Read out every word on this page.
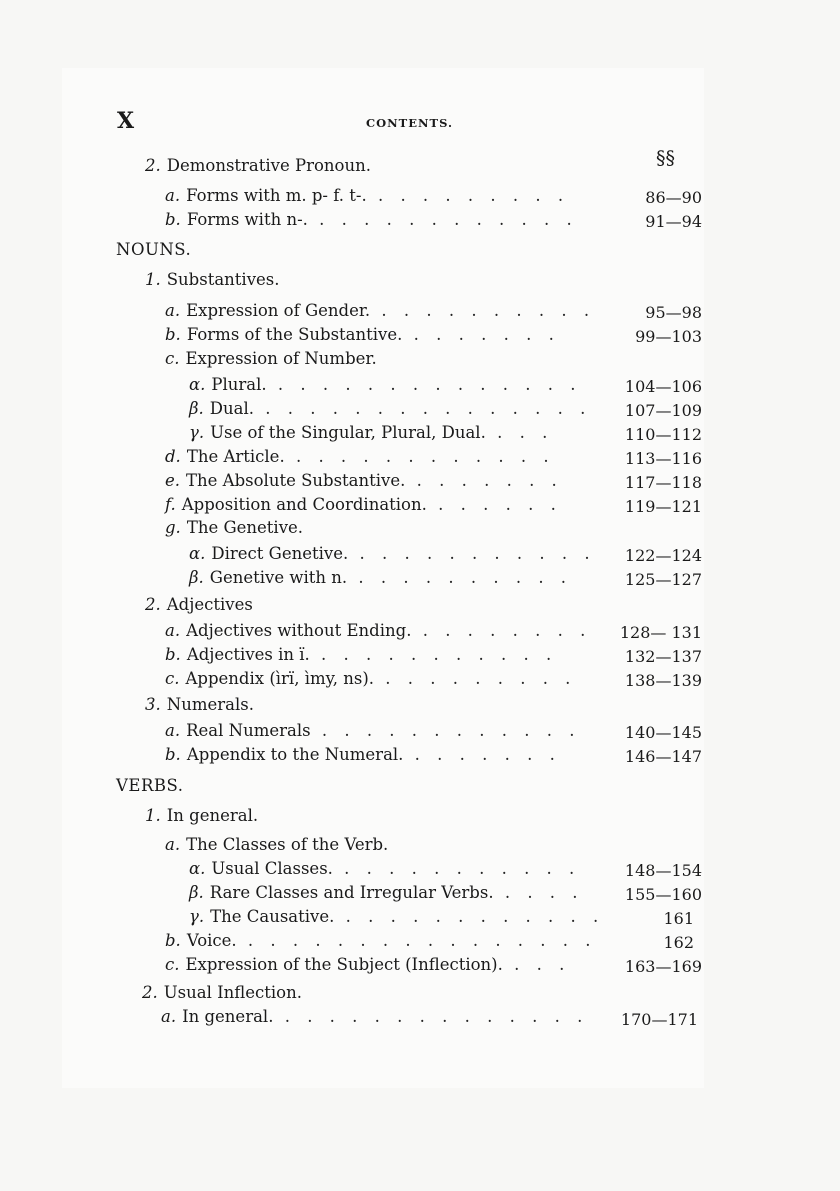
X	CONTENTS.
§§
2. Demonstrative Pronoun.
a. Forms with m. p- f. t-. . . . . . . . . .	86—90
b. Forms with n-. . . . . . . . . . . . .	91—94
NOUNS.
1. Substantives.
a. Expression of Gender. . . . . . . . . . .	95—98
b. Forms of the Substantive. . . . . . . .	99—103
c. Expression of Number.
α. Plural. . . . . . . . . . . . . . .	104—106
β. Dual. . . . . . . . . . . . . . . .	107—109
γ. Use of the Singular, Plural, Dual. . . .	110—112
d. The Article. . . . . . . . . . . . .	113—116
e. The Absolute Substantive. . . . . . . .	117—118
f. Apposition and Coordination. . . . . . .	119—121
g. The Genetive.
α. Direct Genetive. . . . . . . . . . . .	122—124
β. Genetive with n. . . . . . . . . . .	125—127
2. Adjectives
a. Adjectives without Ending. . . . . . . . .	128— 131
b. Adjectives in ï. . . . . . . . . . . .	132—137
c. Appendix (ìrï, ìmy, ns). . . . . . . . . .	138—139
3. Numerals.
a. Real Numerals . . . . . . . . . . . .	140—145
b. Appendix to the Numeral. . . . . . . .	146—147
VERBS.
1. In general.
a. The Classes of the Verb.
α. Usual Classes. . . . . . . . . . . .	148—154
β. Rare Classes and Irregular Verbs. . . . .	155—160
γ. The Causative. . . . . . . . . . . . .	161
b. Voice. . . . . . . . . . . . . . . . .	162
c. Expression of the Subject (Inflection). . . .	163—169
2. Usual Inflection.
a. In general. . . . . . . . . . . . . . .	170—171
